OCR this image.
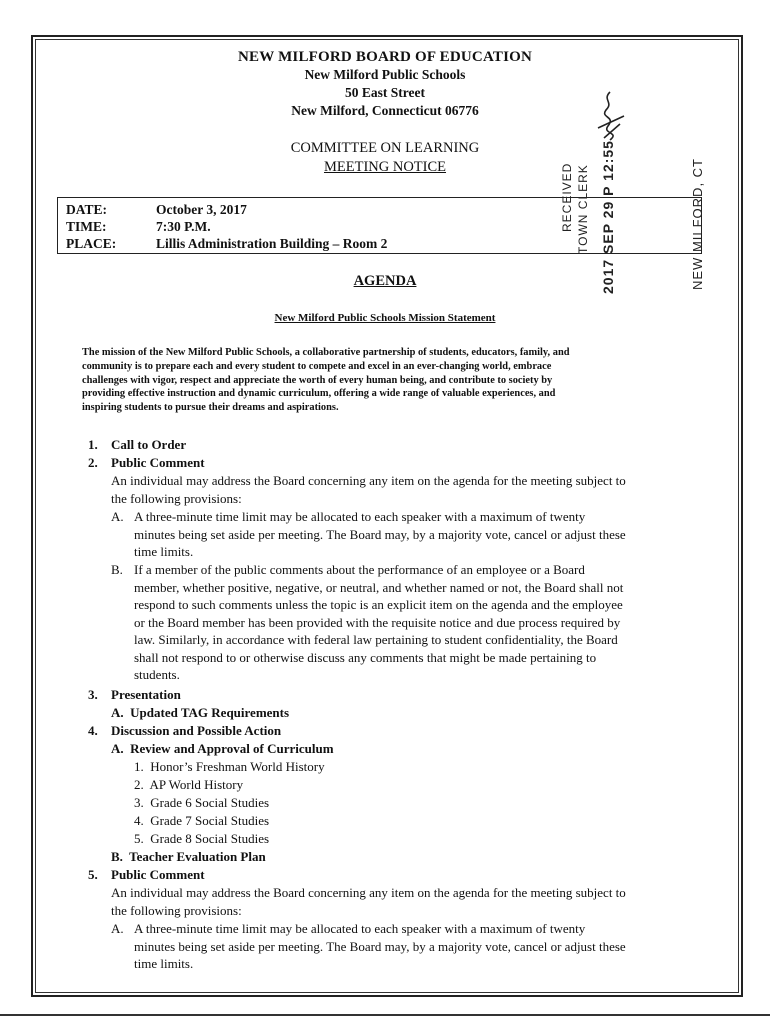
NEW MILFORD BOARD OF EDUCATION
New Milford Public Schools
50 East Street
New Milford, Connecticut 06776
COMMITTEE ON LEARNING
MEETING NOTICE	RECEIVED TOWN CLERK 2017 SEP 29 P 12:55	NEW MILFORD, CT
DATE:	October 3, 2017
TIME:	7:30 P.M.
PLACE:	Lillis Administration Building – Room 2
AGENDA
New Milford Public Schools Mission Statement
The mission of the New Milford Public Schools, a collaborative partnership of students, educators, family, and
community is to prepare each and every student to compete and excel in an ever-changing world, embrace
challenges with vigor, respect and appreciate the worth of every human being, and contribute to society by
providing effective instruction and dynamic curriculum, offering a wide range of valuable experiences, and
inspiring students to pursue their dreams and aspirations.
1. Call to Order
2. Public Comment
An individual may address the Board concerning any item on the agenda for the meeting subject to
the following provisions:
A. A three-minute time limit may be allocated to each speaker with a maximum of twenty
minutes being set aside per meeting. The Board may, by a majority vote, cancel or adjust these
time limits.
B. If a member of the public comments about the performance of an employee or a Board
member, whether positive, negative, or neutral, and whether named or not, the Board shall not
respond to such comments unless the topic is an explicit item on the agenda and the employee
or the Board member has been provided with the requisite notice and due process required by
law. Similarly, in accordance with federal law pertaining to student confidentiality, the Board
shall not respond to or otherwise discuss any comments that might be made pertaining to
students.
3. Presentation
A.  Updated TAG Requirements
4. Discussion and Possible Action
A.  Review and Approval of Curriculum
1.  Honor’s Freshman World History
2.  AP World History
3.  Grade 6 Social Studies
4.  Grade 7 Social Studies
5.  Grade 8 Social Studies
B.  Teacher Evaluation Plan
5. Public Comment
An individual may address the Board concerning any item on the agenda for the meeting subject to
the following provisions:
A. A three-minute time limit may be allocated to each speaker with a maximum of twenty
minutes being set aside per meeting. The Board may, by a majority vote, cancel or adjust these
time limits.
